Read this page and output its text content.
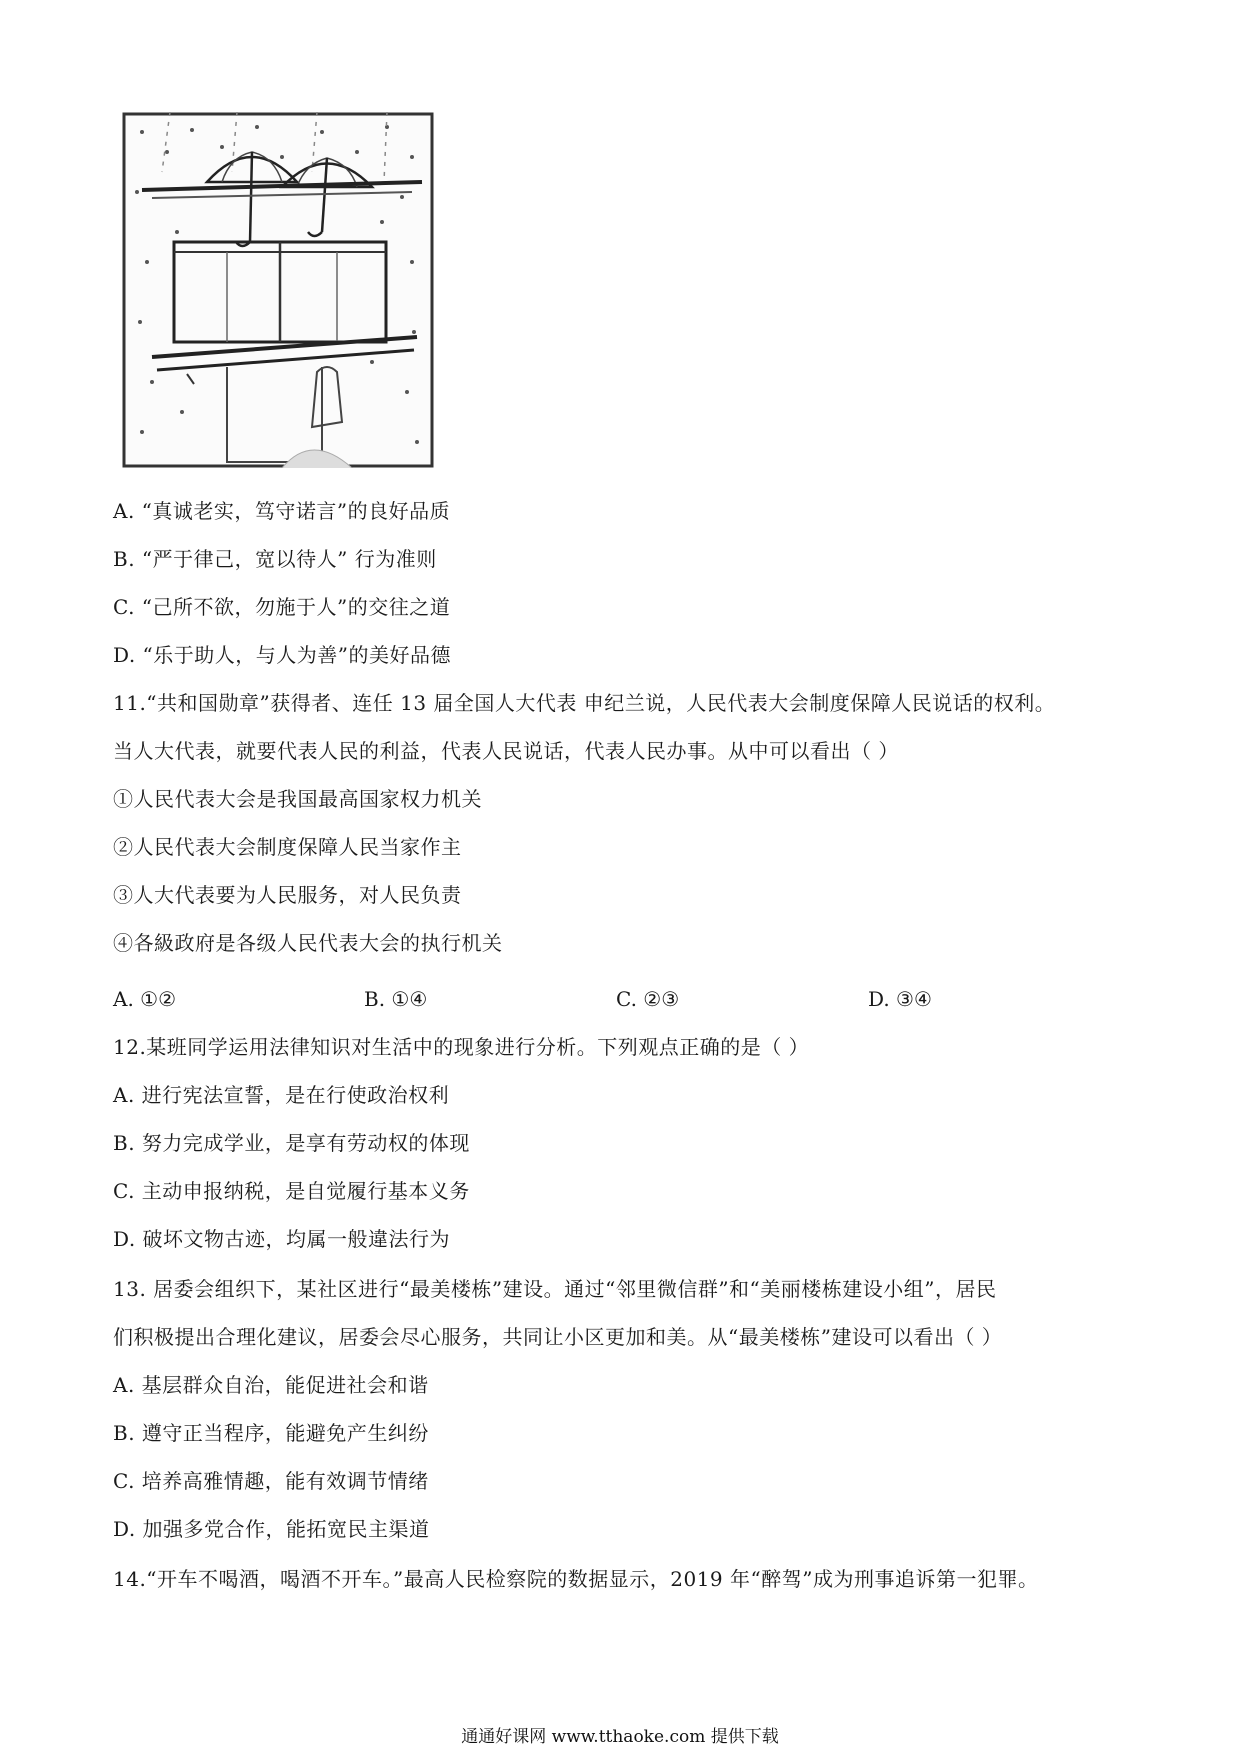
A. “真诚老实，笃守诺言”的良好品质
B. “严于律己，宽以待人” 行为准则
C. “己所不欲，勿施于人”的交往之道
D. “乐于助人，与人为善”的美好品德
11.“共和国勋章”获得者、连任 13 届全国人大代表 申纪兰说，人民代表大会制度保障人民说话的权利。
当人大代表，就要代表人民的利益，代表人民说话，代表人民办事。从中可以看出（ ）
①人民代表大会是我国最高国家权力机关
②人民代表大会制度保障人民当家作主
③人大代表要为人民服务，对人民负责
④各級政府是各级人民代表大会的执行机关
A. ①②	B. ①④	C. ②③	D. ③④
12.某班同学运用法律知识对生活中的现象进行分析。下列观点正确的是（ ）
A. 进行宪法宣誓，是在行使政治权利
B. 努力完成学业，是享有劳动权的体现
C. 主动申报纳税，是自觉履行基本义务
D. 破坏文物古迹，均属一般違法行为
13. 居委会组织下，某社区进行“最美楼栋”建设。通过“邻里微信群”和“美丽楼栋建设小组”，居民
们积极提出合理化建议，居委会尽心服务，共同让小区更加和美。从“最美楼栋”建设可以看出（ ）
A. 基层群众自治，能促进社会和谐
B. 遵守正当程序，能避免产生纠纷
C. 培养高雅情趣，能有效调节情绪
D. 加强多党合作，能拓宽民主渠道
14.“开车不喝酒，喝酒不开车。”最高人民检察院的数据显示，2019 年“醉驾”成为刑事追诉第一犯罪。
通通好课网 www.tthaoke.com 提供下载
